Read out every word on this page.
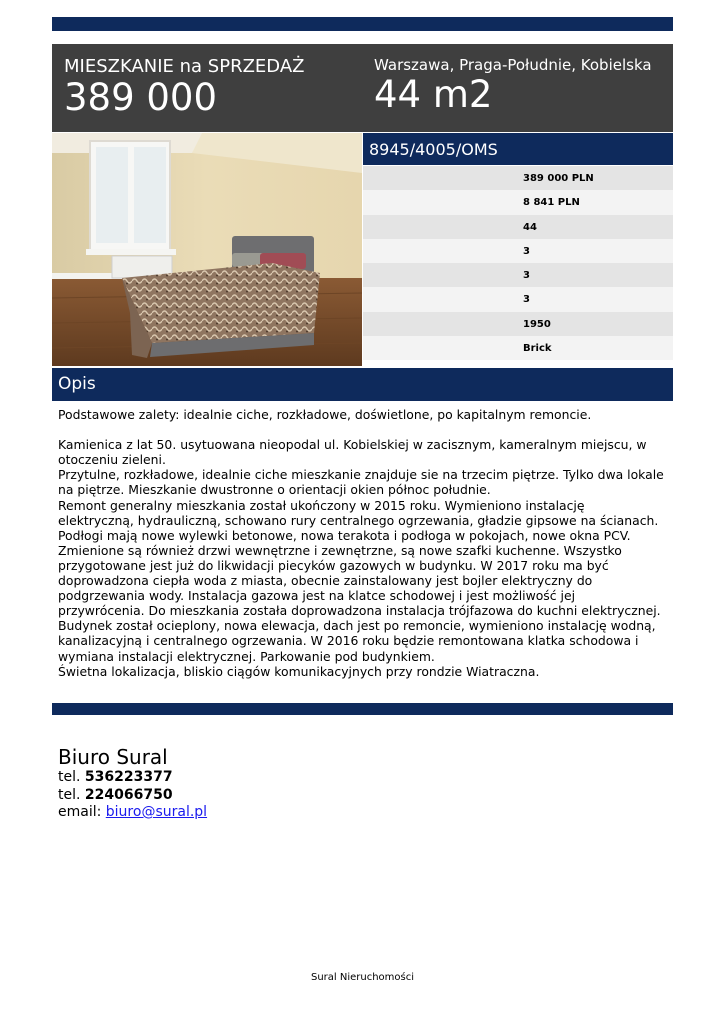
MIESZKANIE na SPRZEDAŻ
389 000
Warszawa, Praga-Południe, Kobielska
44 m2
8945/4005/OMS
389 000 PLN
8 841 PLN
44
3
3
3
1950
Brick
Opis
Podstawowe zalety: idealnie ciche, rozkładowe, doświetlone, po kapitalnym remoncie.

Kamienica z lat 50. usytuowana nieopodal ul. Kobielskiej w zacisznym, kameralnym miejscu, w otoczeniu zieleni.
Przytulne, rozkładowe, idealnie ciche mieszkanie znajduje sie na trzecim piętrze. Tylko dwa lokale na piętrze. Mieszkanie dwustronne o orientacji okien północ południe.
Remont generalny mieszkania został ukończony w 2015 roku. Wymieniono instalację elektryczną, hydrauliczną, schowano rury centralnego ogrzewania, gładzie gipsowe na ścianach. Podłogi mają nowe wylewki betonowe, nowa terakota i podłoga w pokojach, nowe okna PCV. Zmienione są również drzwi wewnętrzne i zewnętrzne, są nowe szafki kuchenne. Wszystko przygotowane jest już do likwidacji piecyków gazowych w budynku. W 2017 roku ma być doprowadzona ciepła woda z miasta, obecnie zainstalowany jest bojler elektryczny do podgrzewania wody. Instalacja gazowa jest na klatce schodowej i jest możliwość jej przywrócenia. Do mieszkania została doprowadzona instalacja trójfazowa do kuchni elektrycznej.
Budynek został ocieplony, nowa elewacja, dach jest po remoncie, wymieniono instalację wodną, kanalizacyjną i centralnego ogrzewania. W 2016 roku będzie remontowana klatka schodowa i wymiana instalacji elektrycznej. Parkowanie pod budynkiem.
Świetna lokalizacja, bliskio ciągów komunikacyjnych przy rondzie Wiatraczna.
Biuro Sural
tel. 536223377
tel. 224066750
email: biuro@sural.pl
Sural Nieruchomości
